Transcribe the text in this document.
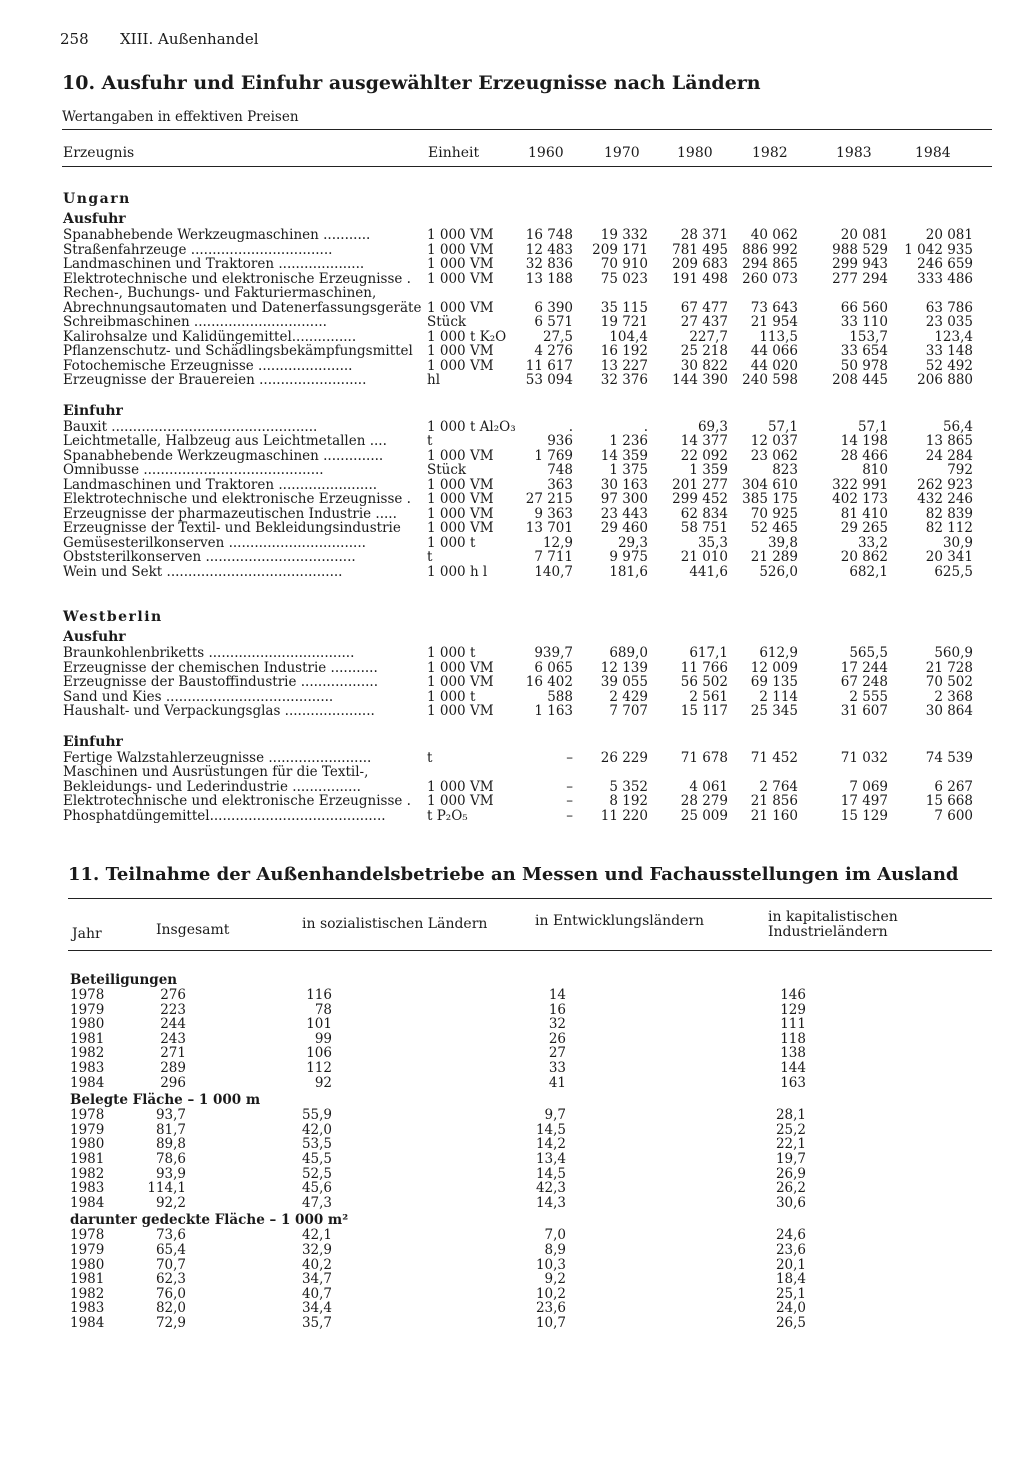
258 XIII. Außenhandel
10. Ausfuhr und Einfuhr ausgewählter Erzeugnisse nach Ländern
Wertangaben in effektiven Preisen
Erzeugnis	Einheit	1960	1970	1980	1982	1983	1984
Ungarn
Ausfuhr
Spanabhebende Werkzeugmaschinen ...........	1 000 VM	16 748	19 332	28 371	40 062	20 081	20 081
Straßenfahrzeuge .................................	1 000 VM	12 483	209 171	781 495	886 992	988 529	1 042 935
Landmaschinen und Traktoren ....................	1 000 VM	32 836	70 910	209 683	294 865	299 943	246 659
Elektrotechnische und elektronische Erzeugnisse . 1 000 VM	13 188	75 023	191 498	260 073	277 294	333 486
Rechen-, Buchungs- und Fakturiermaschinen, Abrechnungsautomaten und Datenerfassungsgeräte 1 000 VM	6 390	35 115	67 477	73 643	66 560	63 786
Schreibmaschinen ...............................	Stück	6 571	19 721	27 437	21 954	33 110	23 035
Kalirohsalze und Kalidüngemittel...............	1 000 t K₂O	27,5	104,4	227,7	113,5	153,7	123,4
Pflanzenschutz- und Schädlingsbekämpfungsmittel 1 000 VM	4 276	16 192	25 218	44 066	33 654	33 148
Fotochemische Erzeugnisse ......................	1 000 VM	11 617	13 227	30 822	44 020	50 978	52 492
Erzeugnisse der Brauereien .........................	hl	53 094	32 376	144 390	240 598	208 445	206 880
Einfuhr
Bauxit ................................................	1 000 t Al₂O₃	.	.	69,3	57,1	57,1	56,4
Leichtmetalle, Halbzeug aus Leichtmetallen ....	t	936	1 236	14 377	12 037	14 198	13 865
Spanabhebende Werkzeugmaschinen ..............	1 000 VM	1 769	14 359	22 092	23 062	28 466	24 284
Omnibusse ..........................................	Stück	748	1 375	1 359	823	810	792
Landmaschinen und Traktoren .......................	1 000 VM	363	30 163	201 277	304 610	322 991	262 923
Elektrotechnische und elektronische Erzeugnisse . 1 000 VM	27 215	97 300	299 452	385 175	402 173	432 246
Erzeugnisse der pharmazeutischen Industrie .....	1 000 VM	9 363	23 443	62 834	70 925	81 410	82 839
Erzeugnisse der Textil- und Bekleidungsindustrie	1 000 VM	13 701	29 460	58 751	52 465	29 265	82 112
Gemüsesterilkonserven ................................	1 000 t	12,9	29,3	35,3	39,8	33,2	30,9
Obststerilkonserven ...................................	t	7 711	9 975	21 010	21 289	20 862	20 341
Wein und Sekt .........................................	1 000 h l	140,7	181,6	441,6	526,0	682,1	625,5
Westberlin
Ausfuhr
Braunkohlenbriketts ..................................	1 000 t	939,7	689,0	617,1	612,9	565,5	560,9
Erzeugnisse der chemischen Industrie ...........	1 000 VM	6 065	12 139	11 766	12 009	17 244	21 728
Erzeugnisse der Baustoffindustrie ..................	1 000 VM	16 402	39 055	56 502	69 135	67 248	70 502
Sand und Kies .......................................	1 000 t	588	2 429	2 561	2 114	2 555	2 368
Haushalt- und Verpackungsglas .....................	1 000 VM	1 163	7 707	15 117	25 345	31 607	30 864
Einfuhr
Fertige Walzstahlerzeugnisse ........................	t	–	26 229	71 678	71 452	71 032	74 539
Maschinen und Ausrüstungen für die Textil-, Bekleidungs- und Lederindustrie ................	1 000 VM	–	5 352	4 061	2 764	7 069	6 267
Elektrotechnische und elektronische Erzeugnisse . 1 000 VM	–	8 192	28 279	21 856	17 497	15 668
Phosphatdüngemittel.........................................	t P₂O₅	–	11 220	25 009	21 160	15 129	7 600
11. Teilnahme der Außenhandelsbetriebe an Messen und Fachausstellungen im Ausland
Jahr	Insgesamt	in sozialistischen Ländern	in Entwicklungsländern	in kapitalistischen Industrieländern
Beteiligungen
1978	276	116	14	146
1979	223	78	16	129
1980	244	101	32	111
1981	243	99	26	118
1982	271	106	27	138
1983	289	112	33	144
1984	296	92	41	163
Belegte Fläche – 1 000 m
1978	93,7	55,9	9,7	28,1
1979	81,7	42,0	14,5	25,2
1980	89,8	53,5	14,2	22,1
1981	78,6	45,5	13,4	19,7
1982	93,9	52,5	14,5	26,9
1983	114,1	45,6	42,3	26,2
1984	92,2	47,3	14,3	30,6
darunter gedeckte Fläche – 1 000 m²
1978	73,6	42,1	7,0	24,6
1979	65,4	32,9	8,9	23,6
1980	70,7	40,2	10,3	20,1
1981	62,3	34,7	9,2	18,4
1982	76,0	40,7	10,2	25,1
1983	82,0	34,4	23,6	24,0
1984	72,9	35,7	10,7	26,5
